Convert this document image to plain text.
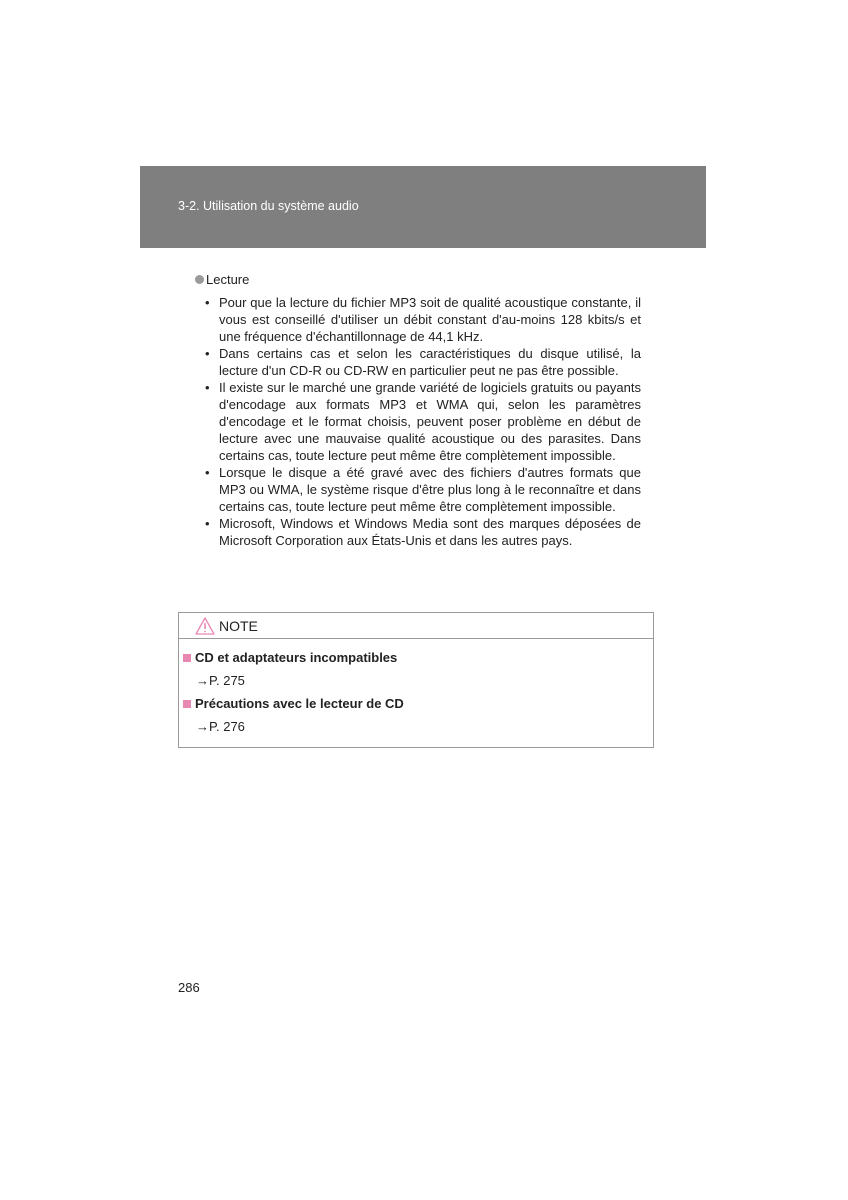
3-2. Utilisation du système audio
Lecture
• Pour que la lecture du fichier MP3 soit de qualité acoustique constante, il vous est conseillé d'utiliser un débit constant d'au-moins 128 kbits/s et une fréquence d'échantillonnage de 44,1 kHz.
• Dans certains cas et selon les caractéristiques du disque utilisé, la lecture d'un CD-R ou CD-RW en particulier peut ne pas être possible.
• Il existe sur le marché une grande variété de logiciels gratuits ou payants d'encodage aux formats MP3 et WMA qui, selon les paramètres d'encodage et le format choisis, peuvent poser problème en début de lecture avec une mauvaise qualité acoustique ou des parasites. Dans certains cas, toute lecture peut même être complètement impossible.
• Lorsque le disque a été gravé avec des fichiers d'autres formats que MP3 ou WMA, le système risque d'être plus long à le reconnaître et dans certains cas, toute lecture peut même être complètement impossible.
• Microsoft, Windows et Windows Media sont des marques déposées de Microsoft Corporation aux États-Unis et dans les autres pays.
NOTE
CD et adaptateurs incompatibles
→P. 275
Précautions avec le lecteur de CD
→P. 276
286
